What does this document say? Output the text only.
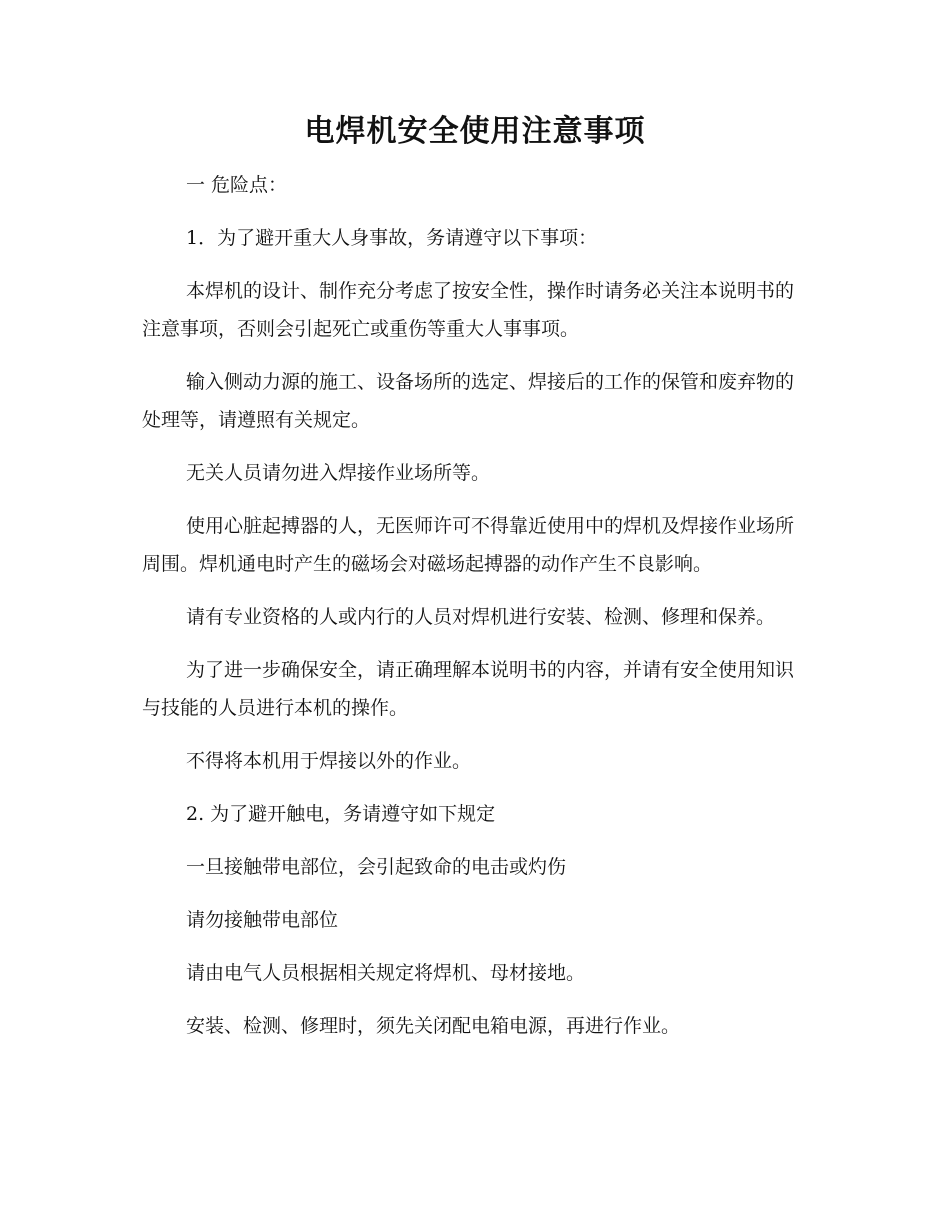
电焊机安全使用注意事项

一 危险点：

1．为了避开重大人身事故，务请遵守以下事项：

本焊机的设计、制作充分考虑了按安全性，操作时请务必关注本说明书的注意事项，否则会引起死亡或重伤等重大人事事项。

输入侧动力源的施工、设备场所的选定、焊接后的工作的保管和废弃物的处理等，请遵照有关规定。

无关人员请勿进入焊接作业场所等。

使用心脏起搏器的人，无医师许可不得靠近使用中的焊机及焊接作业场所周围。焊机通电时产生的磁场会对磁场起搏器的动作产生不良影响。

请有专业资格的人或内行的人员对焊机进行安装、检测、修理和保养。

为了进一步确保安全，请正确理解本说明书的内容，并请有安全使用知识与技能的人员进行本机的操作。

不得将本机用于焊接以外的作业。

2. 为了避开触电，务请遵守如下规定

一旦接触带电部位，会引起致命的电击或灼伤

请勿接触带电部位

请由电气人员根据相关规定将焊机、母材接地。

安装、检测、修理时，须先关闭配电箱电源，再进行作业。
